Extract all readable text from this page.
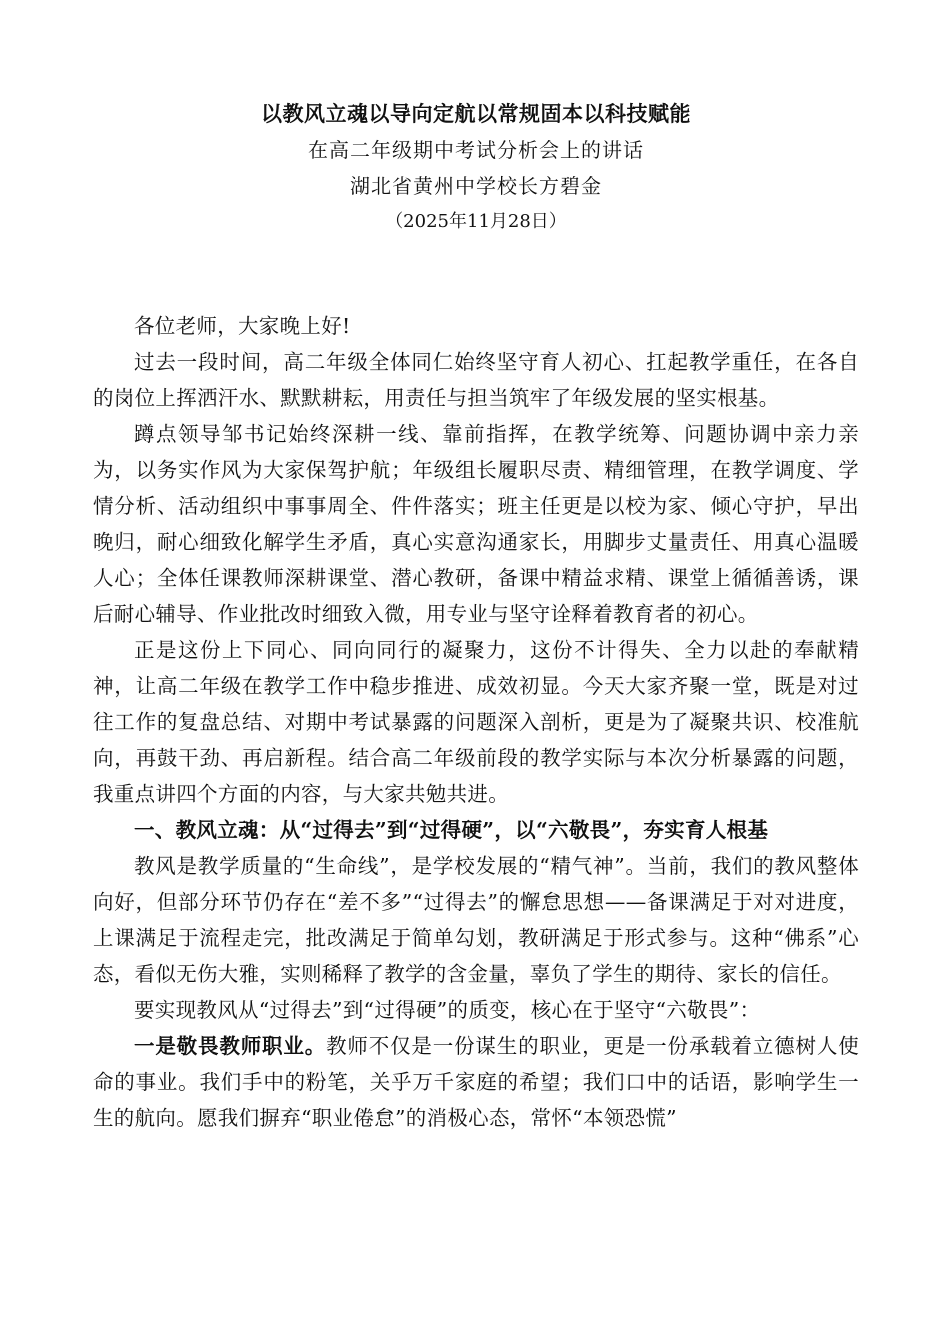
以教风立魂以导向定航以常规固本以科技赋能

在高二年级期中考试分析会上的讲话

湖北省黄州中学校长方碧金

（2025年11月28日）

各位老师，大家晚上好!

过去一段时间，高二年级全体同仁始终坚守育人初心、扛起教学重任，在各自的岗位上挥洒汗水、默默耕耘，用责任与担当筑牢了年级发展的坚实根基。

蹲点领导邹书记始终深耕一线、靠前指挥，在教学统筹、问题协调中亲力亲为，以务实作风为大家保驾护航；年级组长履职尽责、精细管理，在教学调度、学情分析、活动组织中事事周全、件件落实；班主任更是以校为家、倾心守护，早出晚归，耐心细致化解学生矛盾，真心实意沟通家长，用脚步丈量责任、用真心温暖人心；全体任课教师深耕课堂、潜心教研，备课中精益求精、课堂上循循善诱，课后耐心辅导、作业批改时细致入微，用专业与坚守诠释着教育者的初心。

正是这份上下同心、同向同行的凝聚力，这份不计得失、全力以赴的奉献精神，让高二年级在教学工作中稳步推进、成效初显。今天大家齐聚一堂，既是对过往工作的复盘总结、对期中考试暴露的问题深入剖析，更是为了凝聚共识、校准航向，再鼓干劲、再启新程。结合高二年级前段的教学实际与本次分析暴露的问题，我重点讲四个方面的内容，与大家共勉共进。

一、教风立魂：从“过得去”到“过得硬”，以“六敬畏”，夯实育人根基

教风是教学质量的“生命线”，是学校发展的“精气神”。当前，我们的教风整体向好，但部分环节仍存在“差不多”“过得去”的懈怠思想——备课满足于对对进度，上课满足于流程走完，批改满足于简单勾划，教研满足于形式参与。这种“佛系”心态，看似无伤大雅，实则稀释了教学的含金量，辜负了学生的期待、家长的信任。

要实现教风从“过得去”到“过得硬”的质变，核心在于坚守“六敬畏”：

一是敬畏教师职业。教师不仅是一份谋生的职业，更是一份承载着立德树人使命的事业。我们手中的粉笔，关乎万千家庭的希望；我们口中的话语，影响学生一生的航向。愿我们摒弃“职业倦怠”的消极心态，常怀“本领恐慌”
